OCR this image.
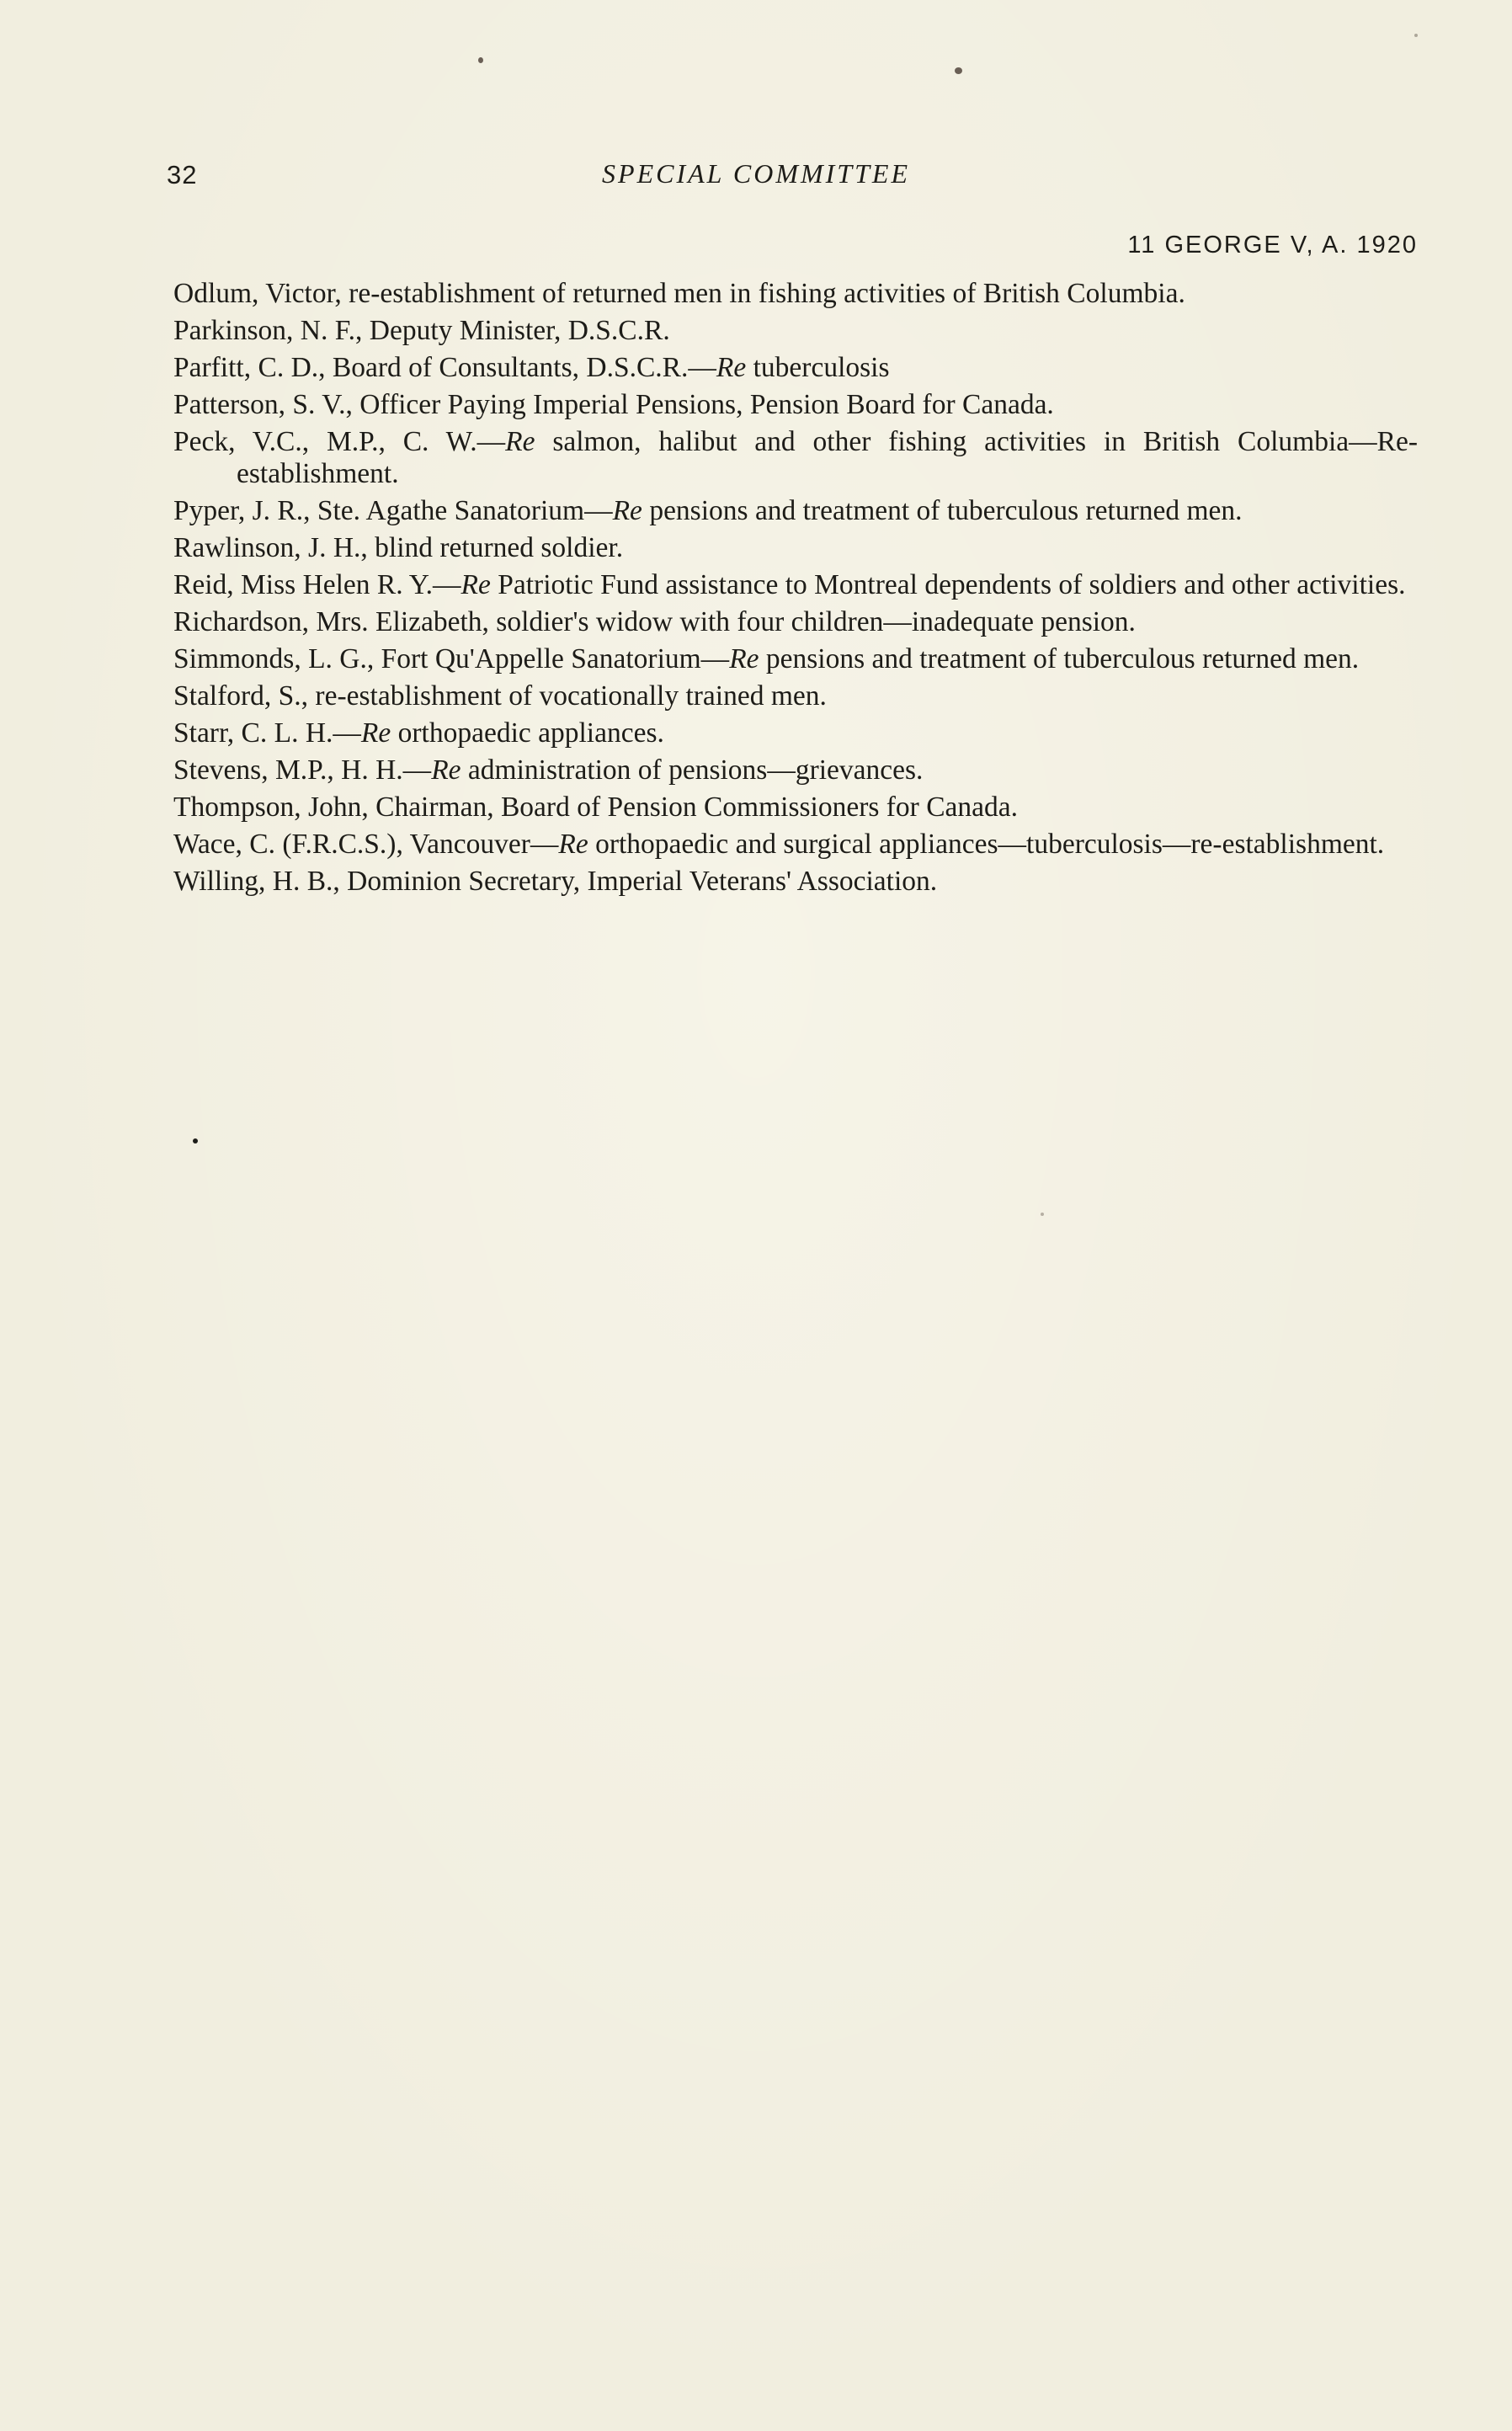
32	SPECIAL COMMITTEE
11 GEORGE V, A. 1920
Odlum, Victor, re-establishment of returned men in fishing activities of British Columbia.
Parkinson, N. F., Deputy Minister, D.S.C.R.
Parfitt, C. D., Board of Consultants, D.S.C.R.—Re tuberculosis
Patterson, S. V., Officer Paying Imperial Pensions, Pension Board for Canada.
Peck, V.C., M.P., C. W.—Re salmon, halibut and other fishing activities in British Columbia—Re-establishment.
Pyper, J. R., Ste. Agathe Sanatorium—Re pensions and treatment of tuberculous returned men.
Rawlinson, J. H., blind returned soldier.
Reid, Miss Helen R. Y.—Re Patriotic Fund assistance to Montreal dependents of soldiers and other activities.
Richardson, Mrs. Elizabeth, soldier's widow with four children—inadequate pension.
Simmonds, L. G., Fort Qu'Appelle Sanatorium—Re pensions and treatment of tuberculous returned men.
Stalford, S., re-establishment of vocationally trained men.
Starr, C. L. H.—Re orthopaedic appliances.
Stevens, M.P., H. H.—Re administration of pensions—grievances.
Thompson, John, Chairman, Board of Pension Commissioners for Canada.
Wace, C. (F.R.C.S.), Vancouver—Re orthopaedic and surgical appliances—tuberculosis—re-establishment.
Willing, H. B., Dominion Secretary, Imperial Veterans' Association.
